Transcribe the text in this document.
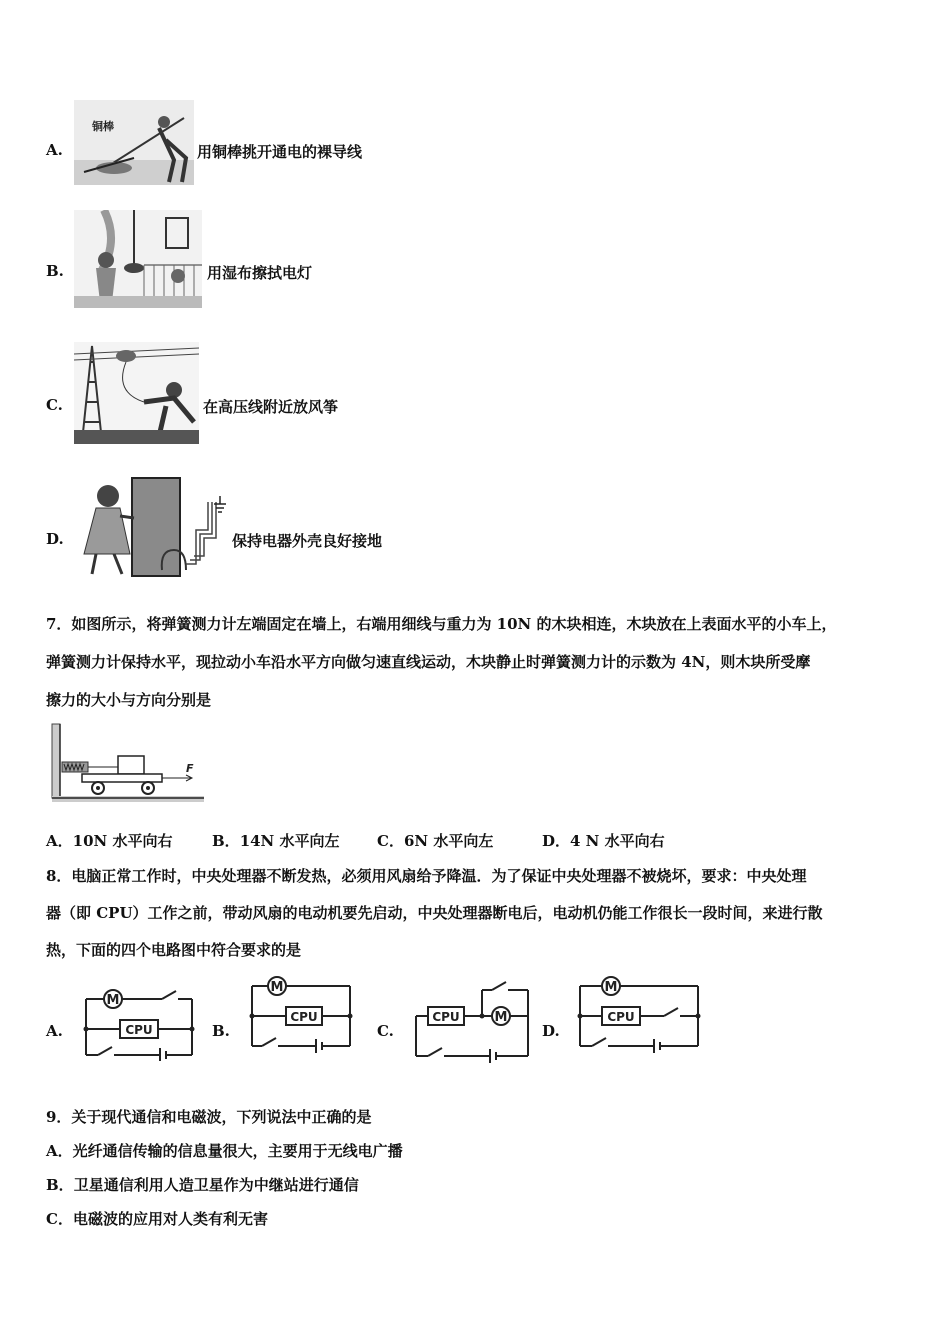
A.
铜棒
用铜棒挑开通电的裸导线
B.	用湿布擦拭电灯
C.	在高压线附近放风筝
D.	保持电器外壳良好接地
7．如图所示，将弹簧测力计左端固定在墙上，右端用细线与重力为 10N 的木块相连，木块放在上表面水平的小车上，
弹簧测力计保持水平，现拉动小车沿水平方向做匀速直线运动，木块静止时弹簧测力计的示数为 4N，则木块所受摩
擦力的大小与方向分别是
F
A．10N 水平向右	B．14N 水平向左	C．6N 水平向左	D．4 N 水平向右
8．电脑正常工作时，中央处理器不断发热，必须用风扇给予降温．为了保证中央处理器不被烧坏，要求：中央处理
器（即 CPU）工作之前，带动风扇的电动机要先启动，中央处理器断电后，电动机仍能工作很长一段时间，来进行散
热，下面的四个电路图中符合要求的是
A.
M
CPU	B.
M
CPU
C.
CPU	M
D.
M
CPU
9．关于现代通信和电磁波，下列说法中正确的是
A．光纤通信传输的信息量很大，主要用于无线电广播
B．卫星通信利用人造卫星作为中继站进行通信
C．电磁波的应用对人类有利无害
